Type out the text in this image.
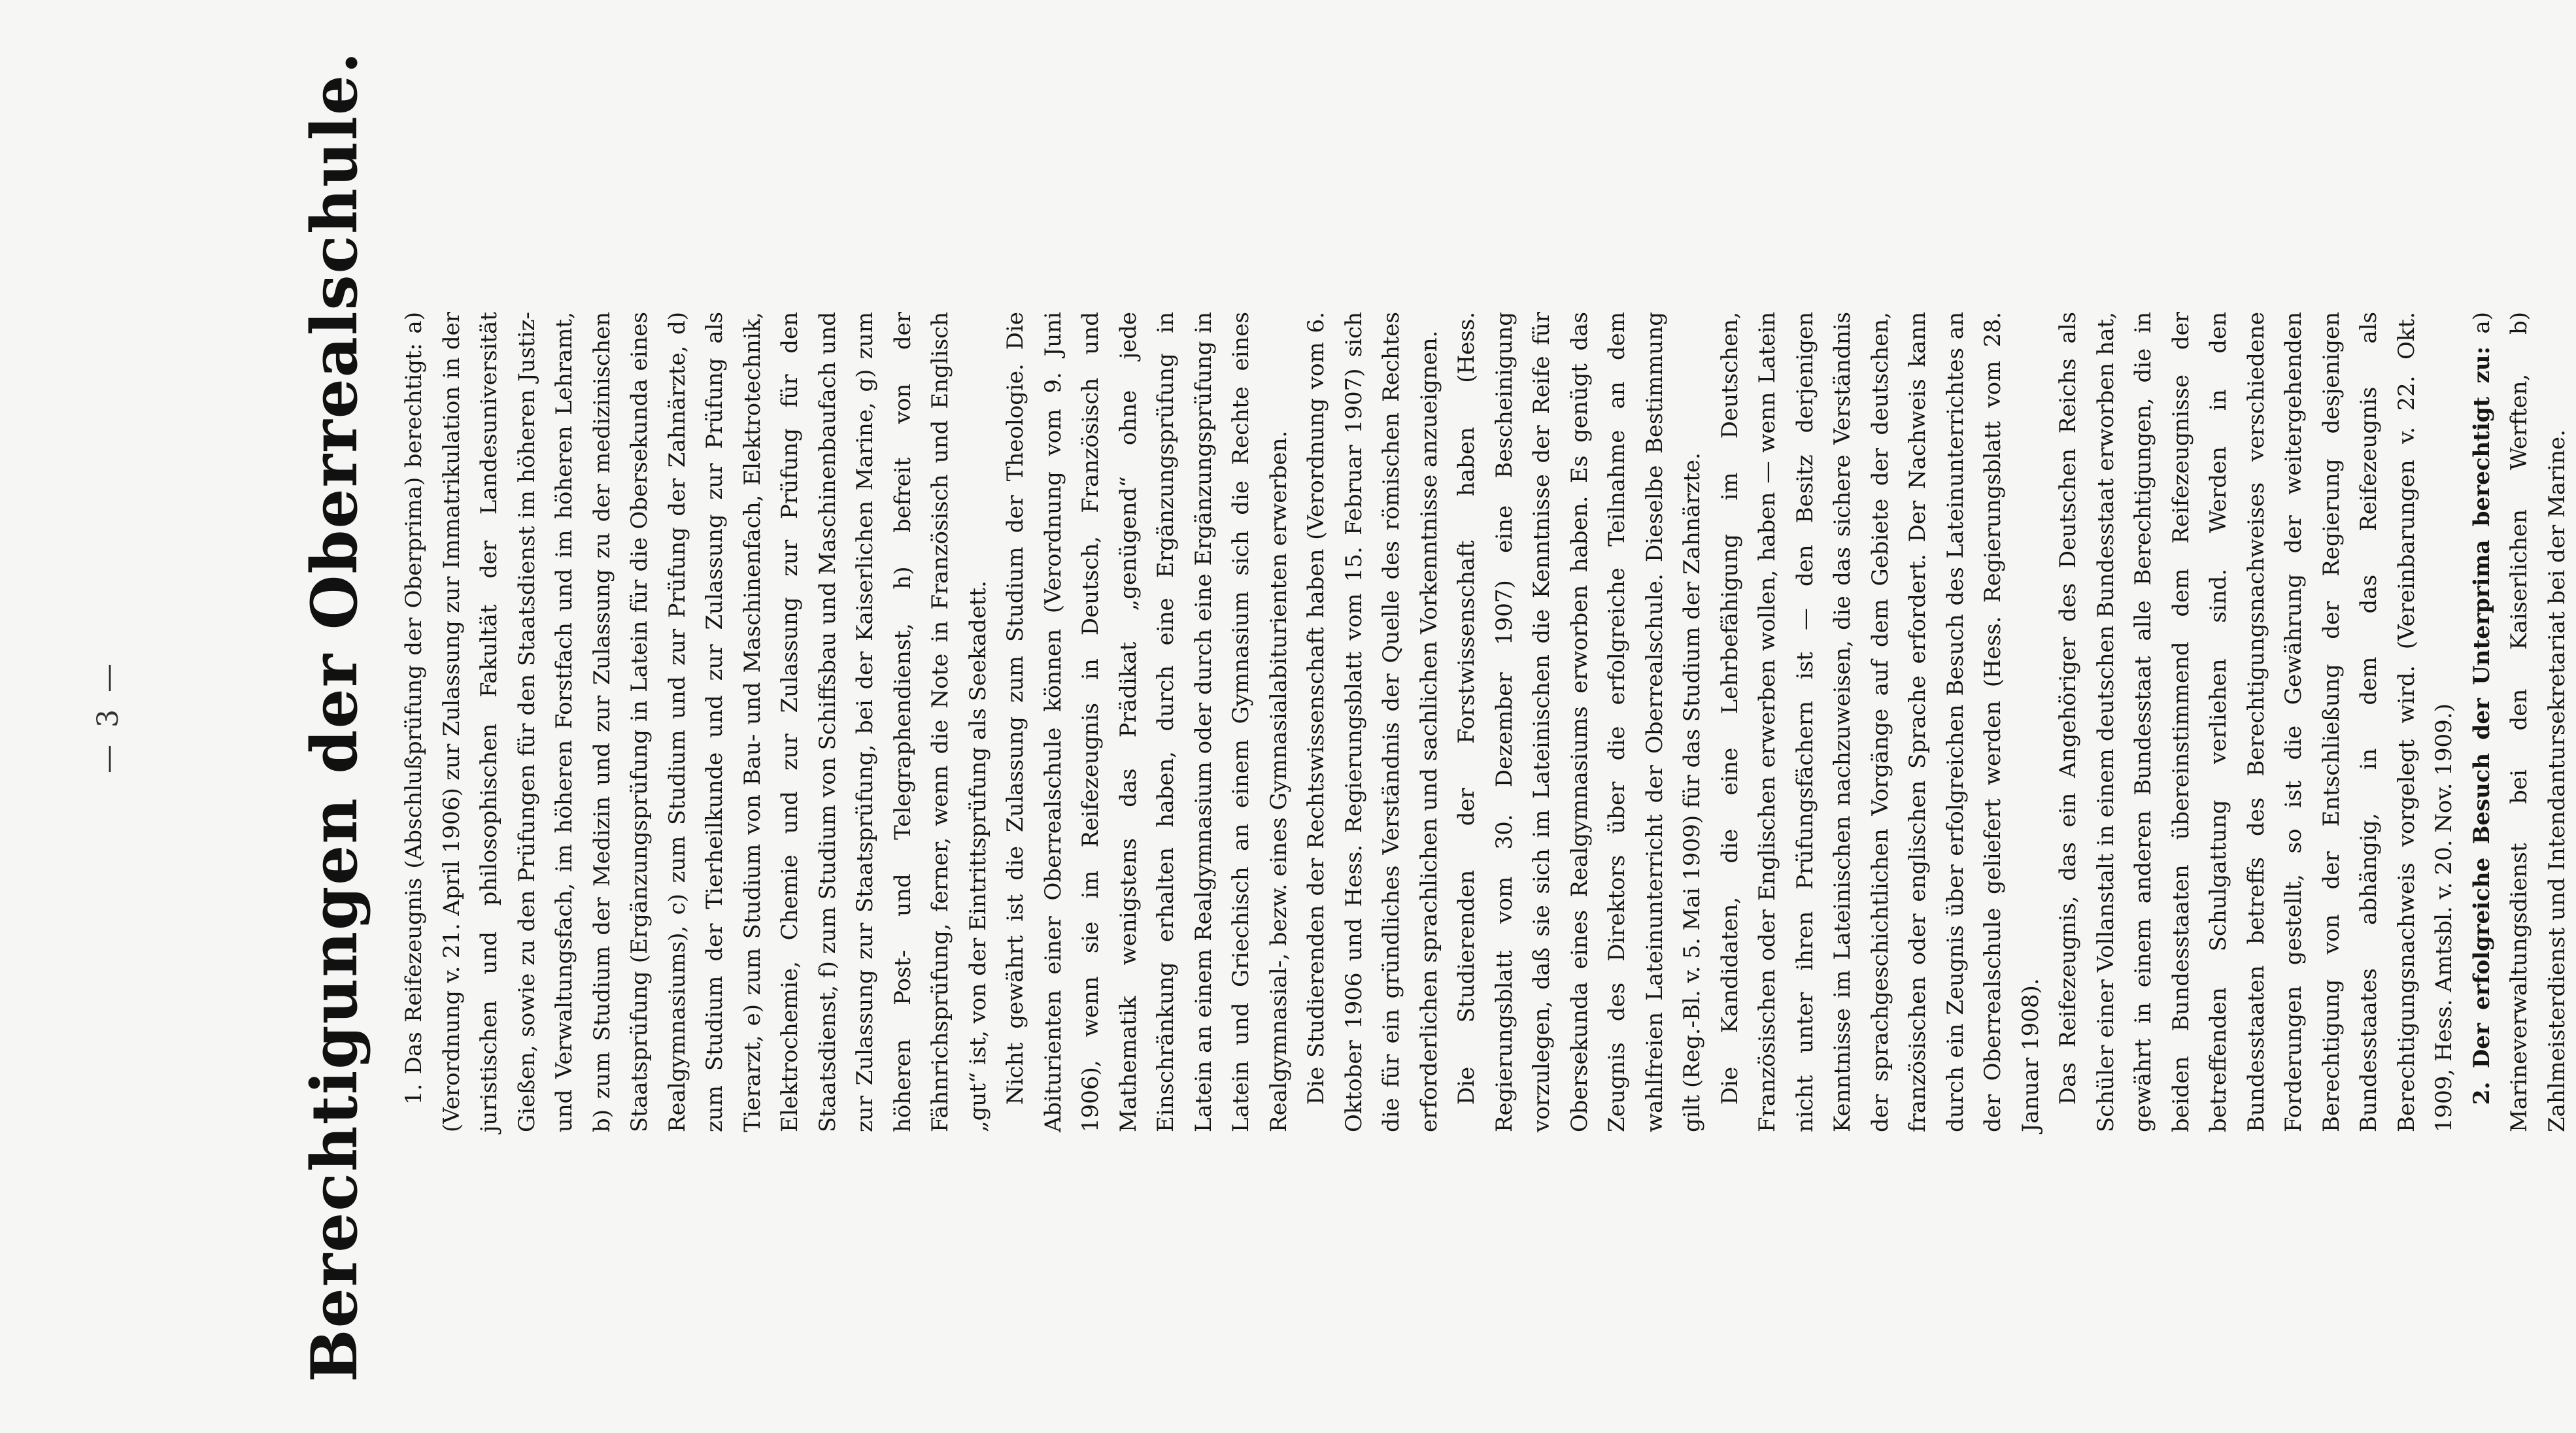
— 3 —	Berechtigungen der Oberrealschule. 1. Das Reifezeugnis (Abschlußprüfung der Oberprima) berechtigt: a) (Verordnung v. 21. April 1906) zur Zulassung zur Immatrikulation in der juristischen und philosophischen Fakultät der Landesuniversität Gießen, sowie zu den Prüfungen für den Staatsdienst im höheren Justiz- und Verwaltungsfach, im höheren Forstfach und im höheren Lehramt, b) zum Studium der Medizin und zur Zulassung zu der medizinischen Staatsprüfung (Ergänzungsprüfung in Latein für die Obersekunda eines Realgymnasiums), c) zum Studium und zur Prüfung der Zahnärzte, d) zum Studium der Tierheilkunde und zur Zulassung zur Prüfung als Tierarzt, e) zum Studium von Bau- und Maschinenfach, Elektrotechnik, Elektrochemie, Chemie und zur Zulassung zur Prüfung für den Staatsdienst, f) zum Studium von Schiffsbau und Maschinenbaufach und zur Zulassung zur Staatsprüfung, bei der Kaiserlichen Marine, g) zum höheren Post- und Telegraphendienst, h) befreit von der Fähnrichsprüfung, ferner, wenn die Note in Französisch und Englisch „gut“ ist, von der Eintrittsprüfung als Seekadett. Nicht gewährt ist die Zulassung zum Studium der Theologie. Die Abiturienten einer Oberrealschule können (Verordnung vom 9. Juni 1906), wenn sie im Reifezeugnis in Deutsch, Französisch und Mathematik wenigstens das Prädikat „genügend“ ohne jede Einschränkung erhalten haben, durch eine Ergänzungsprüfung in Latein an einem Realgymnasium oder durch eine Ergänzungsprüfung in Latein und Griechisch an einem Gymnasium sich die Rechte eines Realgymnasial-, bezw. eines Gymnasialabiturienten erwerben. Die Studierenden der Rechtswissenschaft haben (Verordnung vom 6. Oktober 1906 und Hess. Regierungsblatt vom 15. Februar 1907) sich die für ein gründliches Verständnis der Quelle des römischen Rechtes erforderlichen sprachlichen und sachlichen Vorkenntnisse anzueignen. Die Studierenden der Forstwissenschaft haben (Hess. Regierungsblatt vom 30. Dezember 1907) eine Bescheinigung vorzulegen, daß sie sich im Lateinischen die Kenntnisse der Reife für Obersekunda eines Realgymnasiums erworben haben. Es genügt das Zeugnis des Direktors über die erfolgreiche Teilnahme an dem wahlfreien Lateinunterricht der Oberrealschule. Dieselbe Bestimmung gilt (Reg.-Bl. v. 5. Mai 1909) für das Studium der Zahnärzte. Die Kandidaten, die eine Lehrbefähigung im Deutschen, Französischen oder Englischen erwerben wollen, haben — wenn Latein nicht unter ihren Prüfungsfächern ist — den Besitz derjenigen Kenntnisse im Lateinischen nachzuweisen, die das sichere Verständnis der sprachgeschichtlichen Vorgänge auf dem Gebiete der deutschen, französischen oder englischen Sprache erfordert. Der Nachweis kann durch ein Zeugnis über erfolgreichen Besuch des Lateinunterrichtes an der Oberrealschule geliefert werden (Hess. Regierungsblatt vom 28. Januar 1908). Das Reifezeugnis, das ein Angehöriger des Deutschen Reichs als Schüler einer Vollanstalt in einem deutschen Bundesstaat erworben hat, gewährt in einem anderen Bundesstaat alle Berechtigungen, die in beiden Bundesstaaten übereinstimmend dem Reifezeugnisse der betreffenden Schulgattung verliehen sind. Werden in den Bundesstaaten betreffs des Berechtigungsnachweises verschiedene Forderungen gestellt, so ist die Gewährung der weitergehenden Berechtigung von der Entschließung der Regierung desjenigen Bundesstaates abhängig, in dem das Reifezeugnis als Berechtigungsnachweis vorgelegt wird. (Vereinbarungen v. 22. Okt. 1909, Hess. Amtsbl. v. 20. Nov. 1909.) 2. Der erfolgreiche Besuch der Unterprima berechtigt zu: a) Marineverwaltungsdienst bei den Kaiserlichen Werften, b) Zahlmeisterdienst und Intendantursekretariat bei der Marine.
